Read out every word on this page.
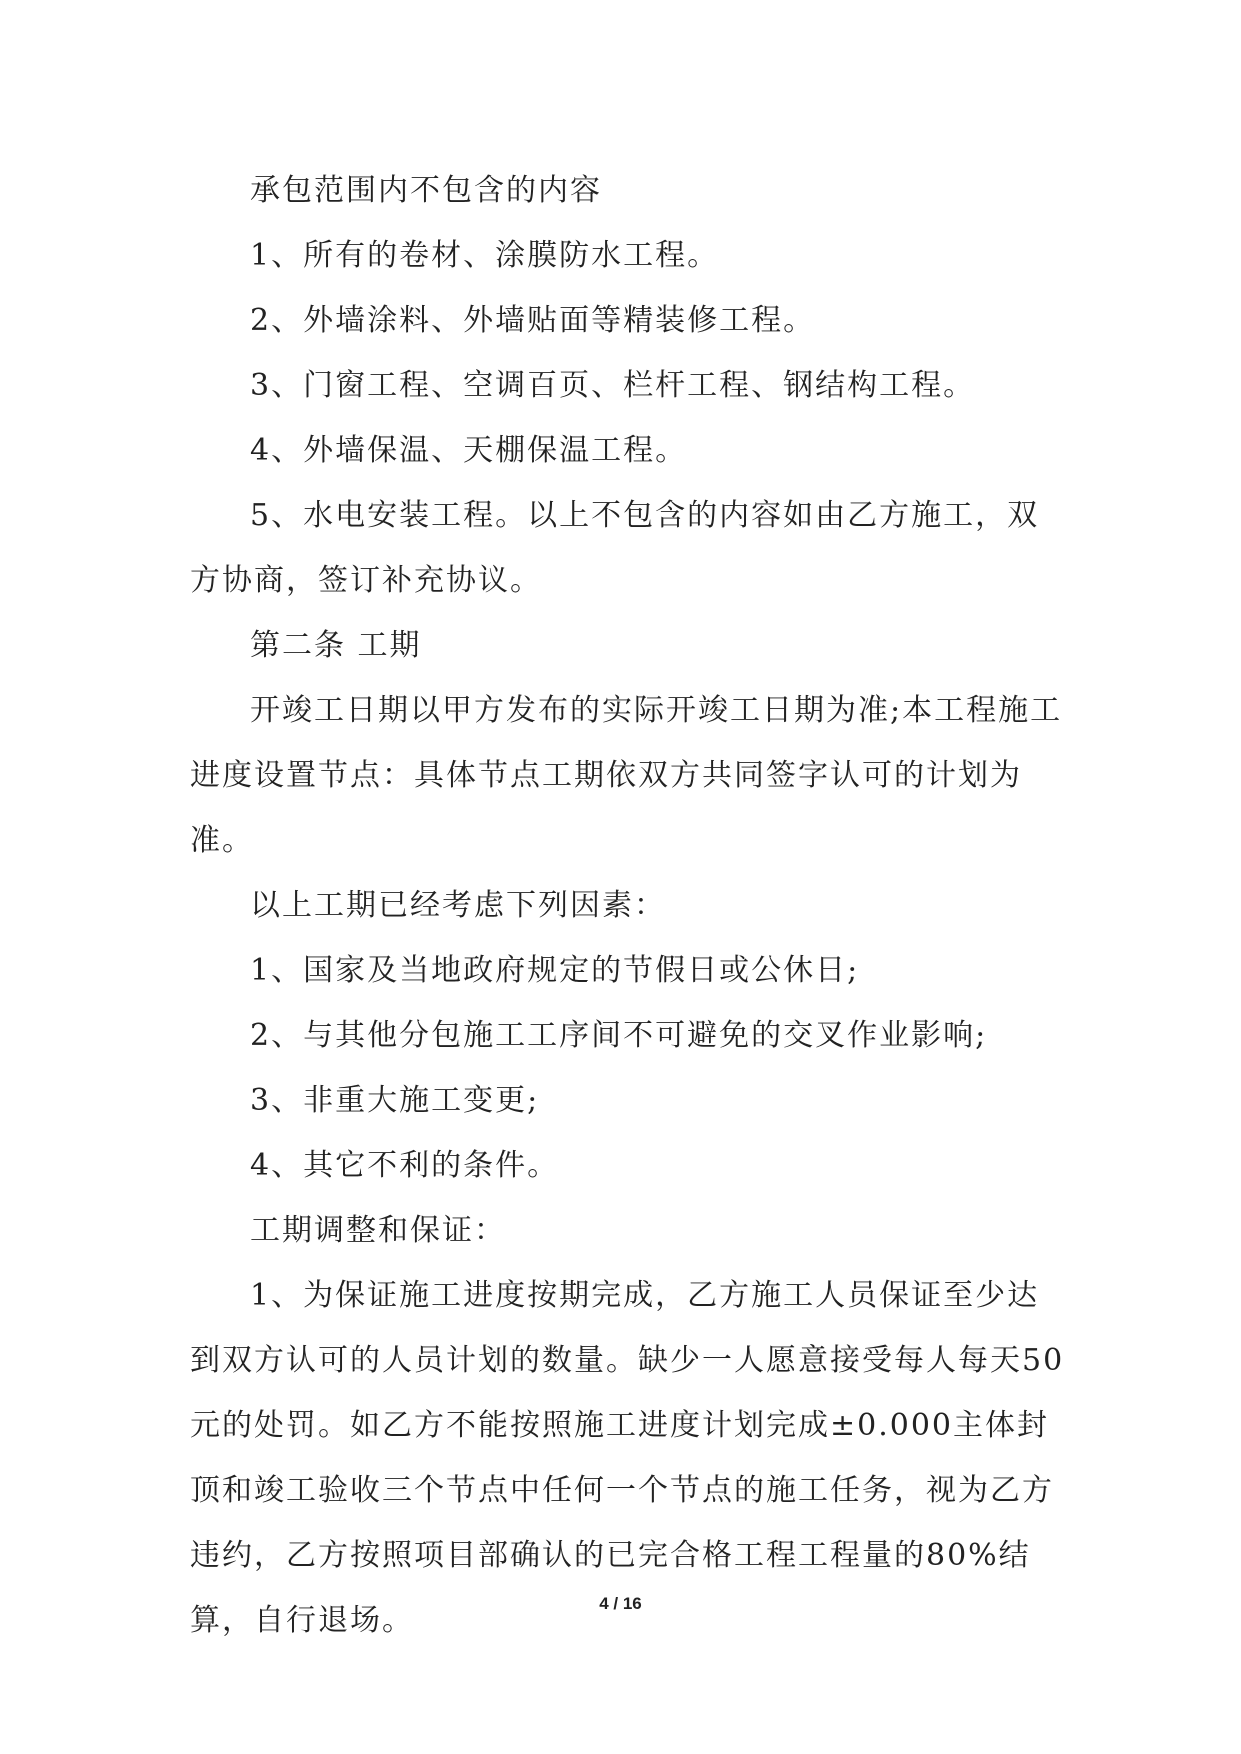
承包范围内不包含的内容

1、所有的卷材、涂膜防水工程。

2、外墙涂料、外墙贴面等精装修工程。

3、门窗工程、空调百页、栏杆工程、钢结构工程。

4、外墙保温、天棚保温工程。

5、水电安装工程。以上不包含的内容如由乙方施工，双方协商，签订补充协议。

第二条 工期

开竣工日期以甲方发布的实际开竣工日期为准;本工程施工进度设置节点：具体节点工期依双方共同签字认可的计划为准。

以上工期已经考虑下列因素：

1、国家及当地政府规定的节假日或公休日;

2、与其他分包施工工序间不可避免的交叉作业影响;

3、非重大施工变更;

4、其它不利的条件。

工期调整和保证：

1、为保证施工进度按期完成，乙方施工人员保证至少达到双方认可的人员计划的数量。缺少一人愿意接受每人每天50元的处罚。如乙方不能按照施工进度计划完成±0.000主体封顶和竣工验收三个节点中任何一个节点的施工任务，视为乙方违约，乙方按照项目部确认的已完合格工程工程量的80%结算，自行退场。	4 / 16
